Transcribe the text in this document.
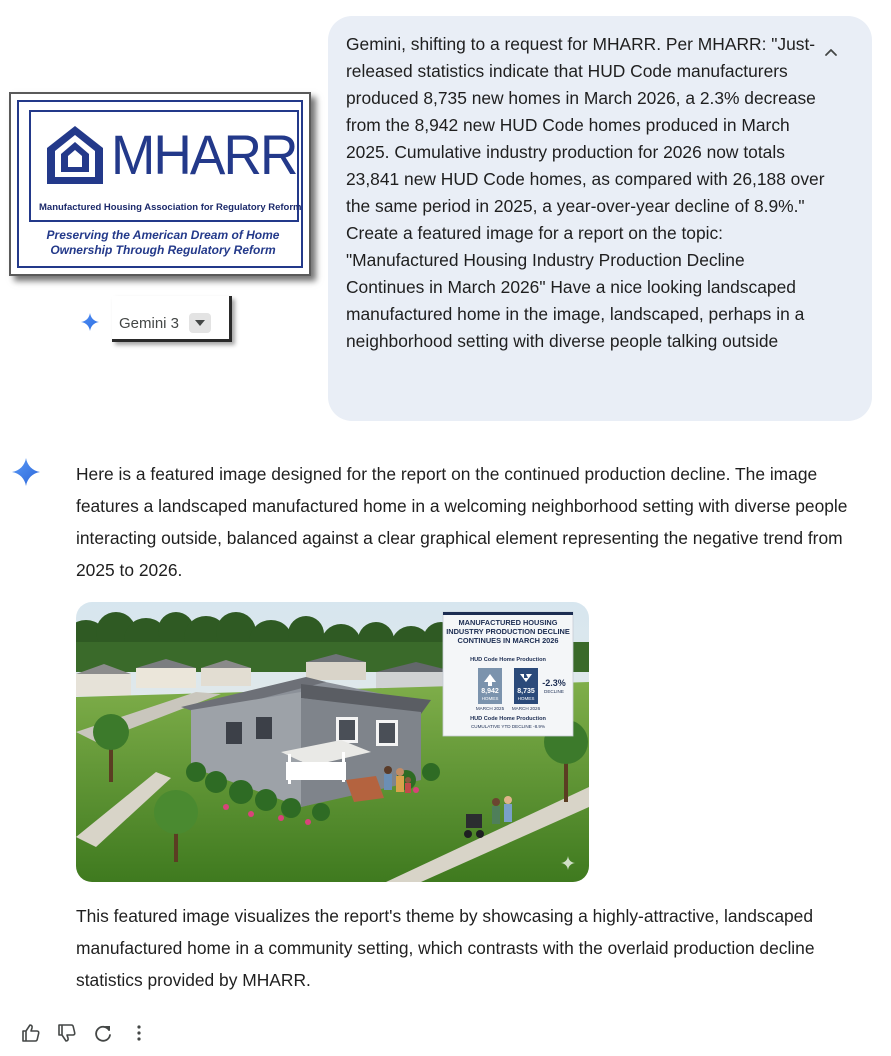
MHARR
Manufactured Housing Association for Regulatory Reform
Preserving the American Dream of Home
Ownership Through Regulatory Reform
Gemini 3
Gemini, shifting to a request for MHARR. Per MHARR: "Just-released statistics indicate that HUD Code manufacturers produced 8,735 new homes in March 2026, a 2.3% decrease from the 8,942 new HUD Code homes produced in March 2025. Cumulative industry production for 2026 now totals 23,841 new HUD Code homes, as compared with 26,188 over the same period in 2025, a year-over-year decline of 8.9%." Create a featured image for a report on the topic: "Manufactured Housing Industry Production Decline Continues in March 2026" Have a nice looking landscaped manufactured home in the image, landscaped, perhaps in a neighborhood setting with diverse people talking outside
Here is a featured image designed for the report on the continued production decline. The image features a landscaped manufactured home in a welcoming neighborhood setting with diverse people interacting outside, balanced against a clear graphical element representing the negative trend from 2025 to 2026.
MANUFACTURED HOUSING
INDUSTRY PRODUCTION DECLINE
CONTINUES IN MARCH 2026
HUD Code Home Production
8,942
HOMES
8,735
HOMES
-2.3%
DECLINE
MARCH 2025 MARCH 2026
HUD Code Home Production
CUMULATIVE YTD DECLINE -8.9%
This featured image visualizes the report's theme by showcasing a highly-attractive, landscaped manufactured home in a community setting, which contrasts with the overlaid production decline statistics provided by MHARR.
